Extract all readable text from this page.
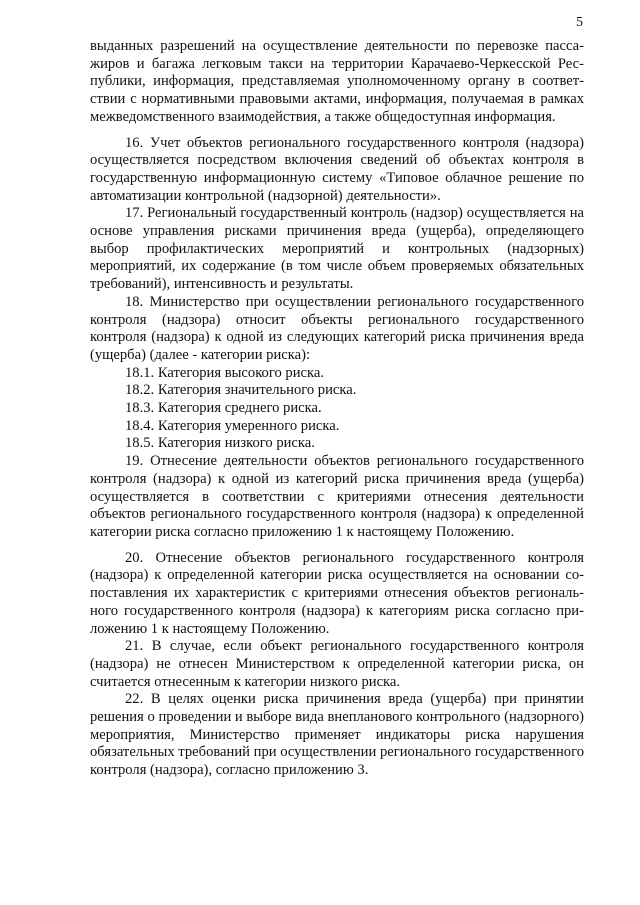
5

выданных разрешений на осуществление деятельности по перевозке пассажиров и багажа легковым такси на территории Карачаево-Черкесской Республики, информация, представляемая уполномоченному органу в соответствии с нормативными правовыми актами, информация, получаемая в рамках межведомственного взаимодействия, а также общедоступная информация.

16. Учет объектов регионального государственного контроля (надзора) осуществляется посредством включения сведений об объектах контроля в государственную информационную систему «Типовое облачное решение по автоматизации контрольной (надзорной) деятельности».

17. Региональный государственный контроль (надзор) осуществляется на основе управления рисками причинения вреда (ущерба), определяющего выбор профилактических мероприятий и контрольных (надзорных) мероприятий, их содержание (в том числе объем проверяемых обязательных требований), интенсивность и результаты.

18. Министерство при осуществлении регионального государственного контроля (надзора) относит объекты регионального государственного контроля (надзора) к одной из следующих категорий риска причинения вреда (ущерба) (далее - категории риска):

18.1. Категория высокого риска.

18.2. Категория значительного риска.

18.3. Категория среднего риска.

18.4. Категория умеренного риска.

18.5. Категория низкого риска.

19. Отнесение деятельности объектов регионального государственного контроля (надзора) к одной из категорий риска причинения вреда (ущерба) осуществляется в соответствии с критериями отнесения деятельности объектов регионального государственного контроля (надзора) к определенной категории риска согласно приложению 1 к настоящему Положению.

20. Отнесение объектов регионального государственного контроля (надзора) к определенной категории риска осуществляется на основании сопоставления их характеристик с критериями отнесения объектов регионального государственного контроля (надзора) к категориям риска согласно приложению 1 к настоящему Положению.

21. В случае, если объект регионального государственного контроля (надзора) не отнесен Министерством к определенной категории риска, он считается отнесенным к категории низкого риска.

22. В целях оценки риска причинения вреда (ущерба) при принятии решения о проведении и выборе вида внепланового контрольного (надзорного) мероприятия, Министерство применяет индикаторы риска нарушения обязательных требований при осуществлении регионального государственного контроля (надзора), согласно приложению 3.
